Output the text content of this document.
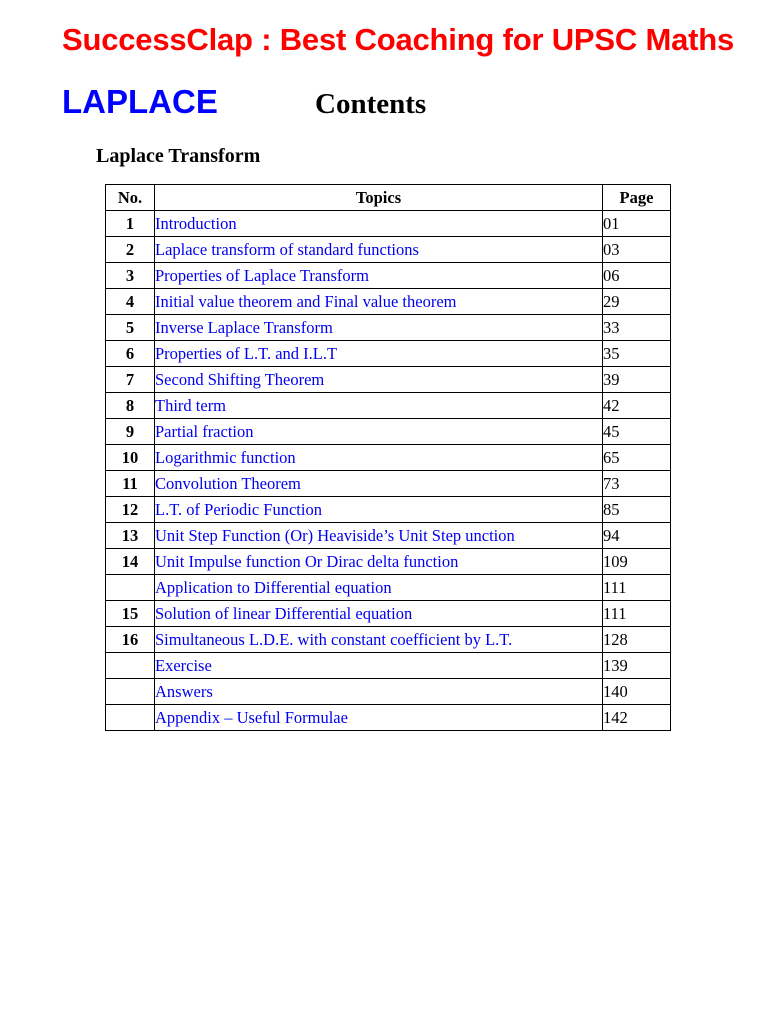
SuccessClap : Best Coaching for UPSC Maths
LAPLACE	Contents
Laplace Transform
No.	Topics	Page
1	Introduction	01
2	Laplace transform of standard functions	03
3	Properties of Laplace Transform	06
4	Initial value theorem and Final value theorem	29
5	Inverse Laplace Transform	33
6	Properties of L.T. and I.L.T	35
7	Second Shifting Theorem	39
8	Third term	42
9	Partial fraction	45
10	Logarithmic function	65
11	Convolution Theorem	73
12	L.T. of Periodic Function	85
13	Unit Step Function (Or) Heaviside’s Unit Step unction	94
14	Unit Impulse function Or Dirac delta function	109
	Application to Differential equation	111
15	Solution of linear Differential equation	111
16	Simultaneous L.D.E. with constant coefficient by L.T.	128
	Exercise	139
	Answers	140
	Appendix – Useful Formulae	142
